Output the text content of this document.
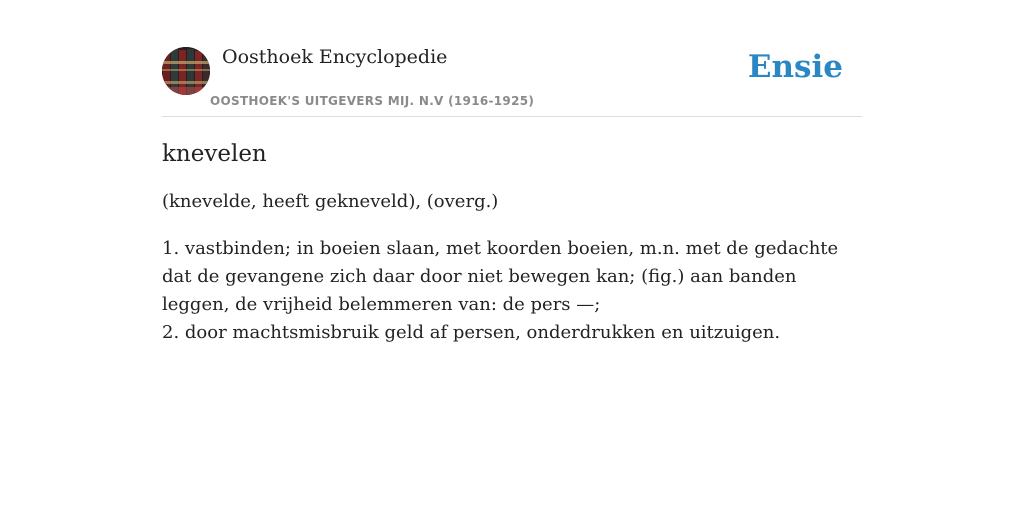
Oosthoek Encyclopedie
OOSTHOEK'S UITGEVERS MIJ. N.V (1916-1925)
Ensie
knevelen

(knevelde, heeft gekneveld), (overg.)

1. vastbinden; in boeien slaan, met koorden boeien, m.n. met de gedachte dat de gevangene zich daar door niet bewegen kan; (fig.) aan banden leggen, de vrijheid belemmeren van: de pers —;
2. door machtsmisbruik geld af persen, onderdrukken en uitzuigen.
